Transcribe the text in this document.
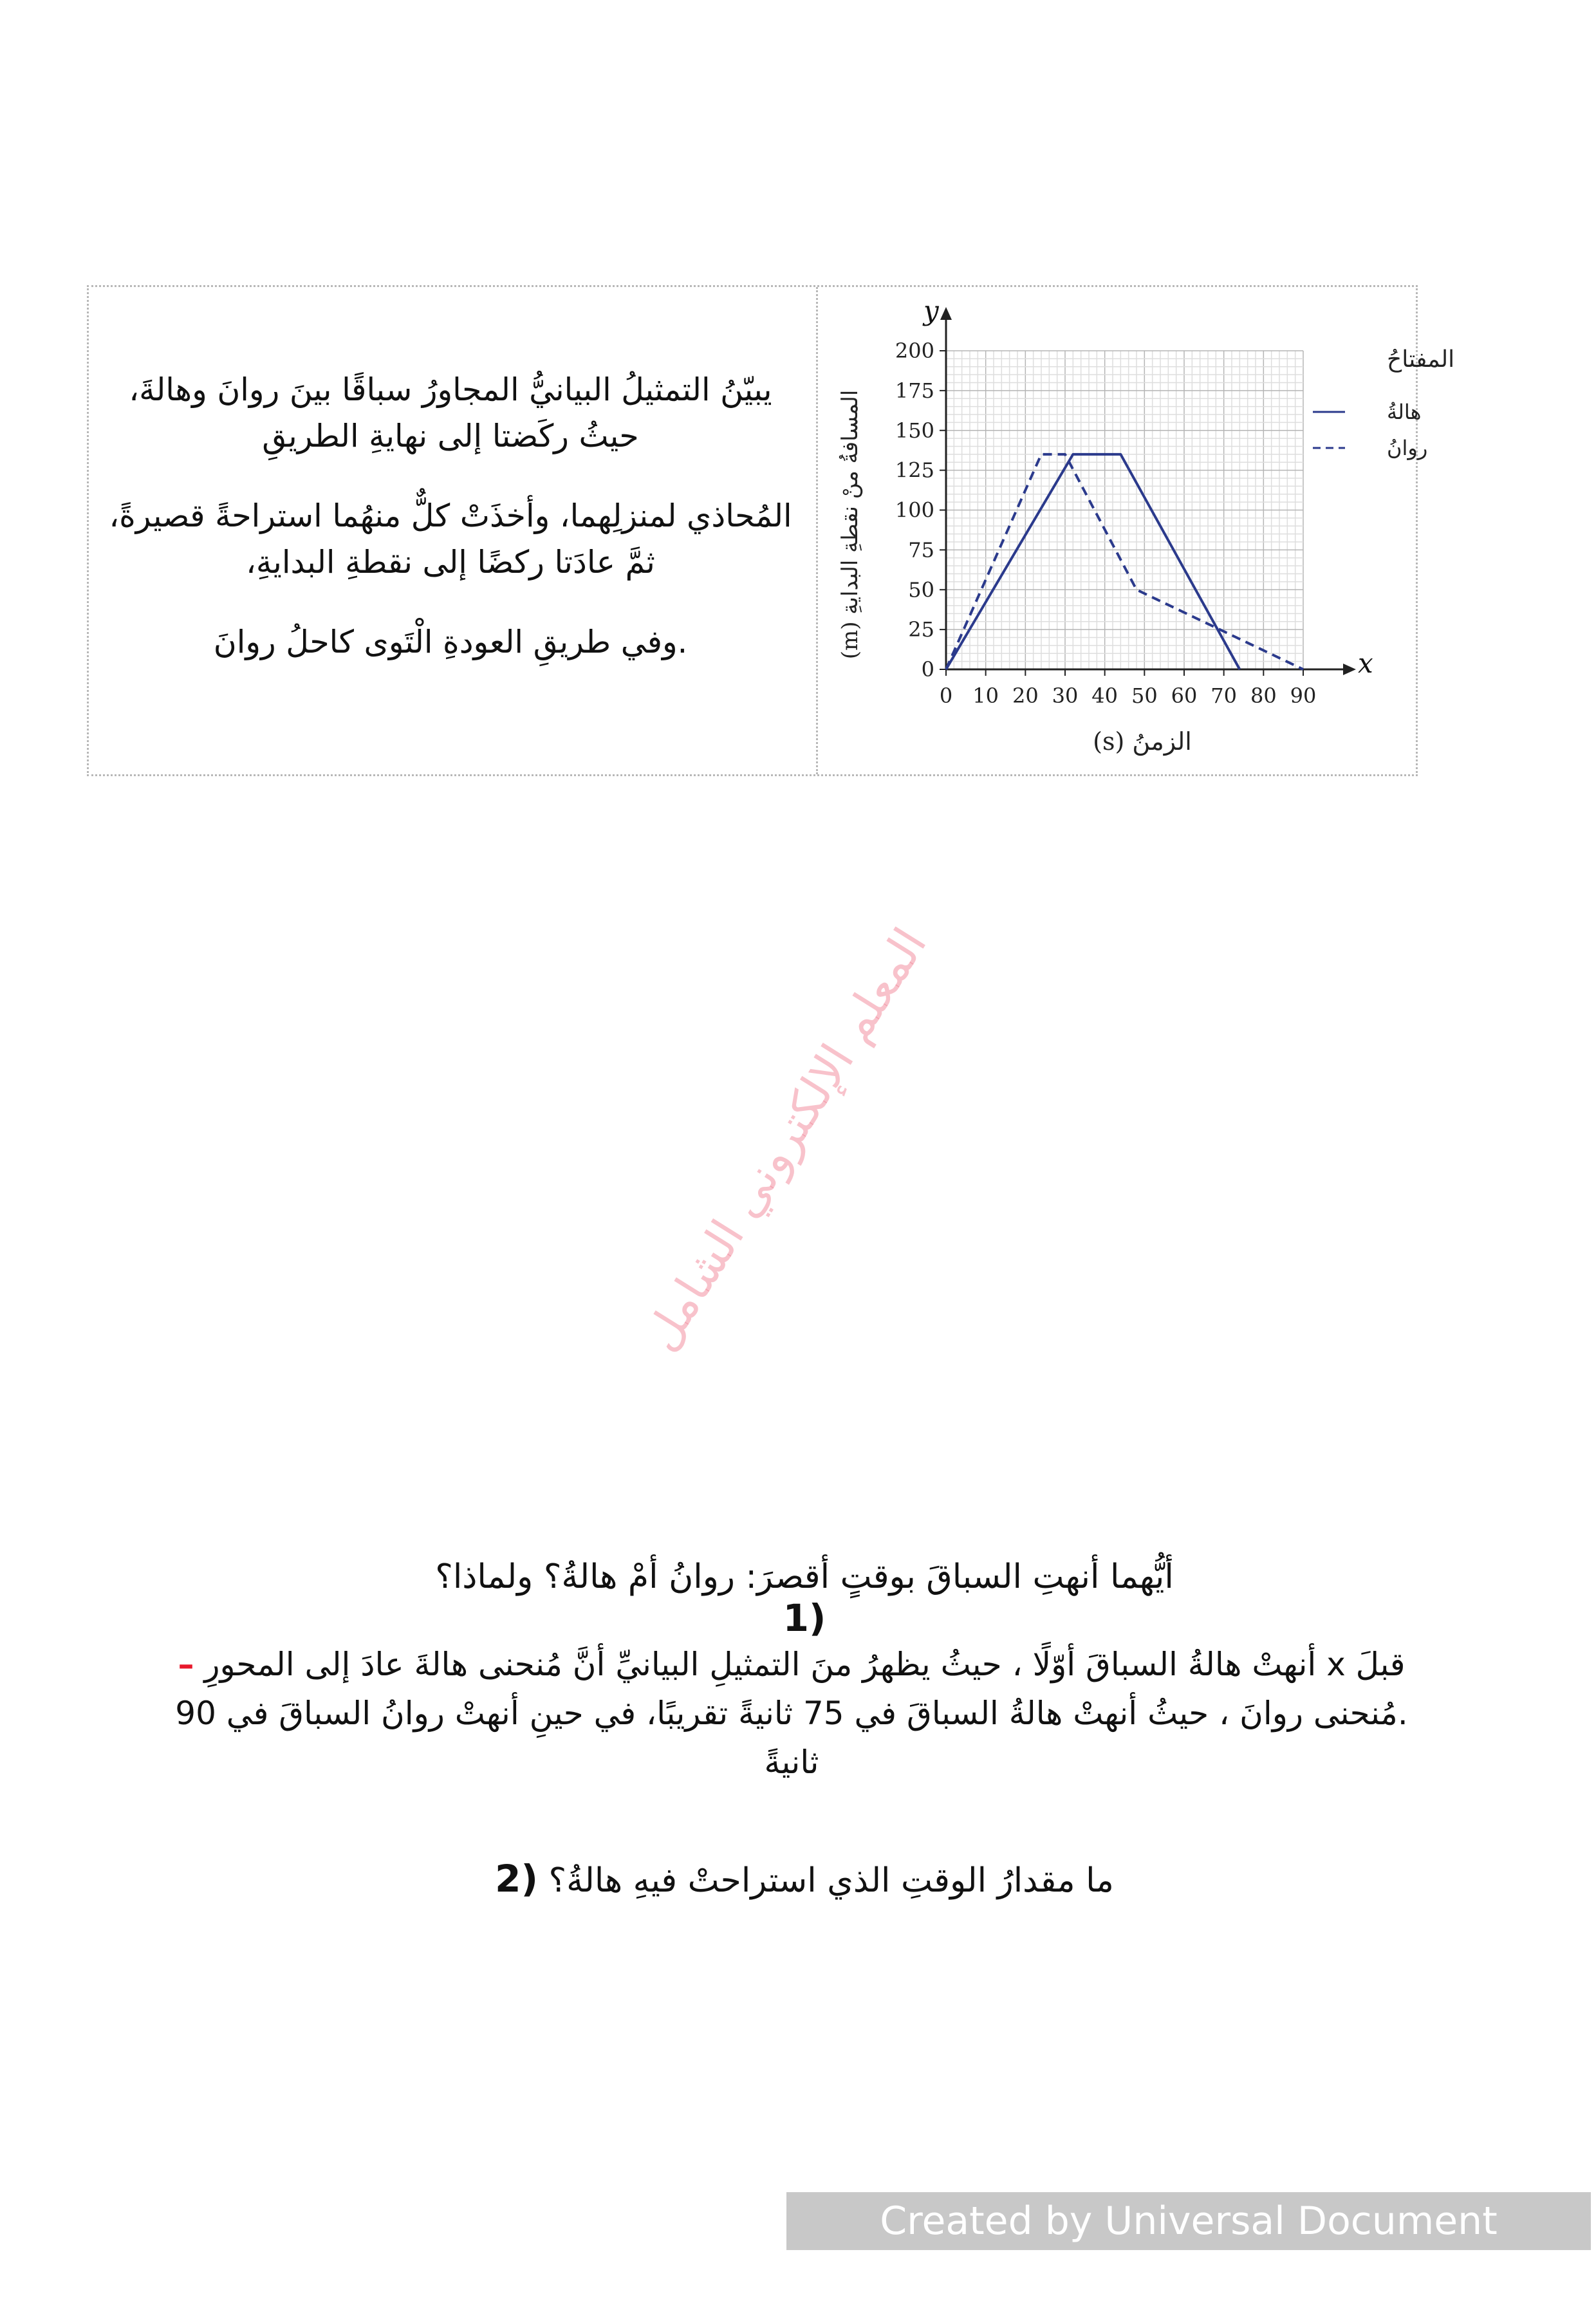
يبيّنُ التمثيلُ البيانيُّ المجاورُ سباقًا بينَ روانَ وهالةَ، حيثُ ركَضتا إلى نهايةِ الطريقِ

المُحاذي لمنزلِهما، وأخذَتْ كلٌّ منهُما استراحةً قصيرةً، ثمَّ عادَتا ركضًا إلى نقطةِ البدايةِ،

.وفي طريقِ العودةِ الْتَوى كاحلُ روانَ

0 10 20 30 40 50 60 70 80 90
0
25
50
75
100
125
150
175
200
x
y
الزمنُ (s)
المسافةُ منْ نقطةِ البدايةِ (m)
المفتاحُ
هالةُ
روانُ
أيُّهما أنهتِ السباقَ بوقتٍ أقصرَ: روانُ أمْ هالةُ؟ ولماذا؟ (1
قبلَ x أنهتْ هالةُ السباقَ أوّلًا ، حيثُ يظهرُ منَ التمثيلِ البيانيِّ أنَّ مُنحنى هالةَ عادَ إلى المحورِ –
.مُنحنى روانَ ، حيثُ أنهتْ هالةُ السباقَ في 75 ثانيةً تقريبًا، في حينِ أنهتْ روانُ السباقَ في 90 ثانيةً
ما مقدارُ الوقتِ الذي استراحتْ فيهِ هالةُ؟ (2
المعلم الإلكتروني الشامل
Created by Universal Document Converter
